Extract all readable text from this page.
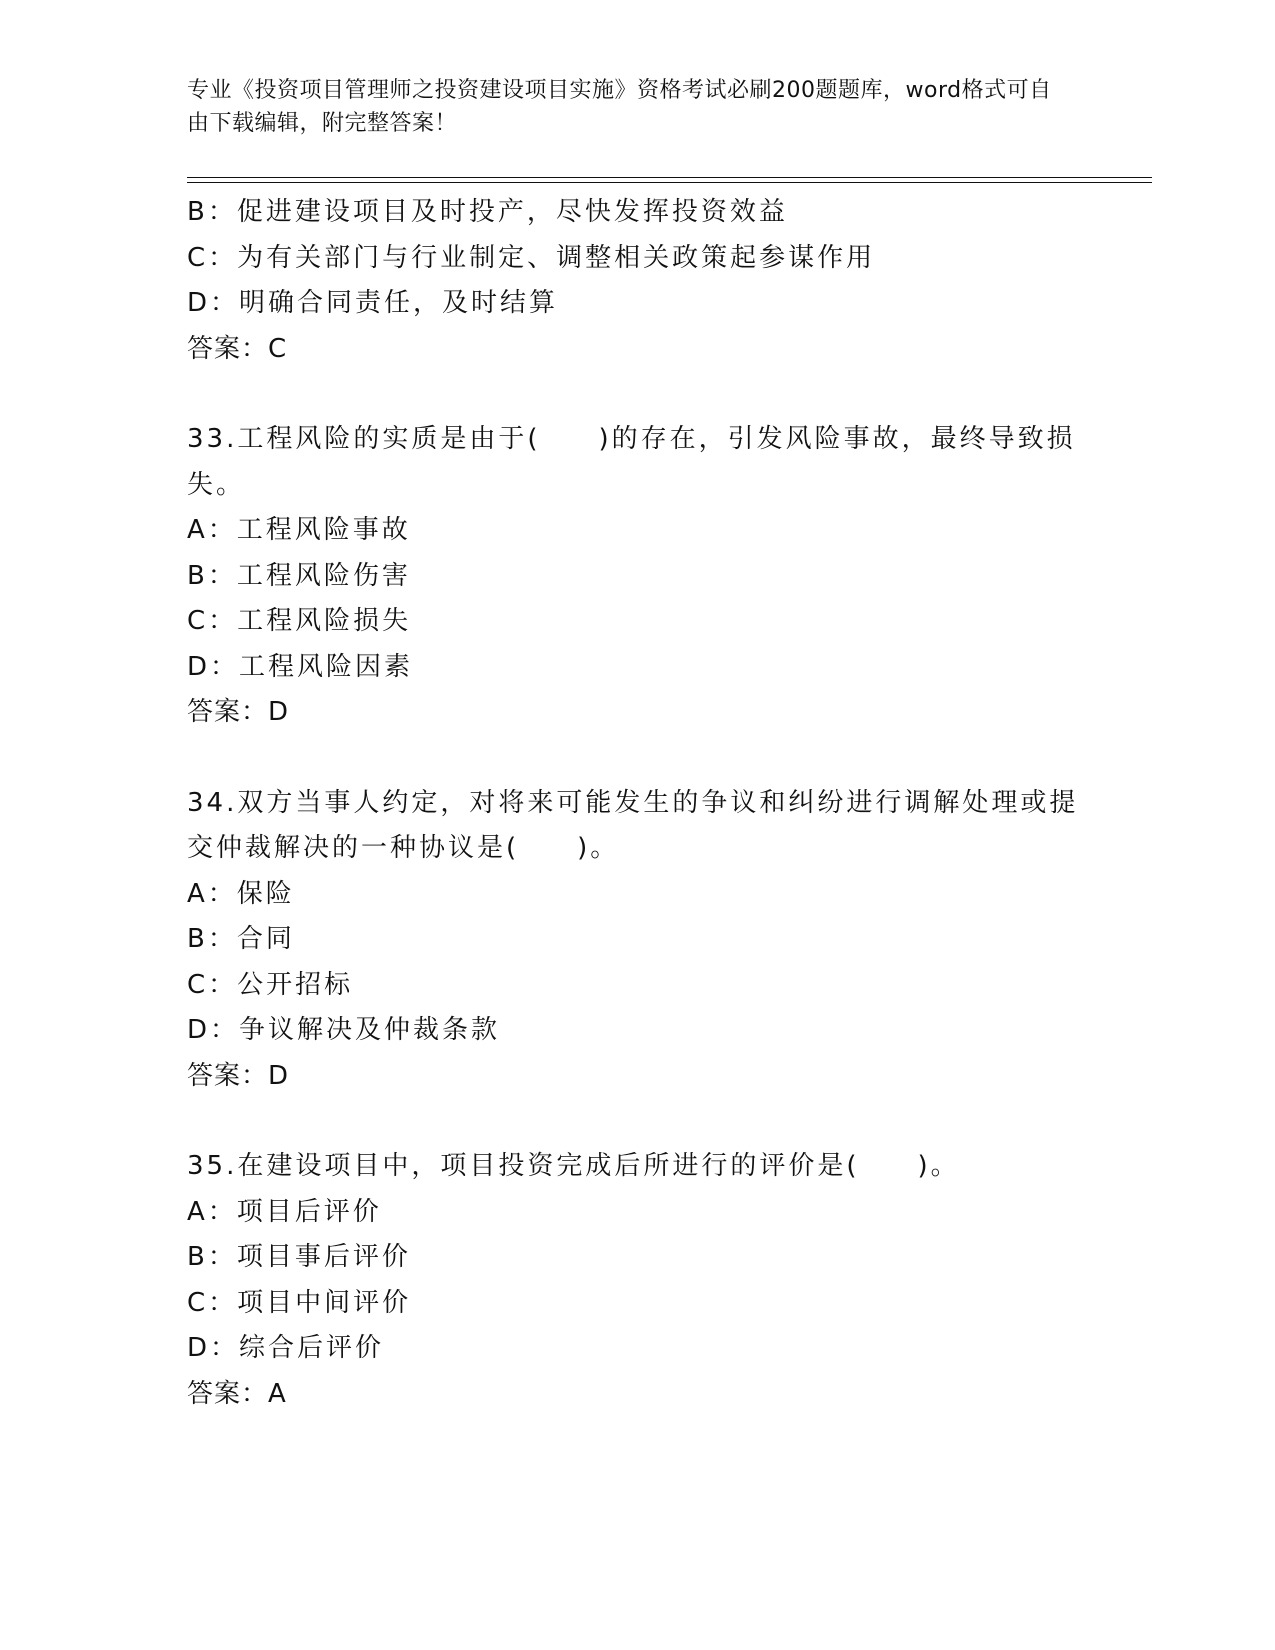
专业《投资项目管理师之投资建设项目实施》资格考试必刷200题题库，word格式可自由下载编辑，附完整答案！
B：促进建设项目及时投产，尽快发挥投资效益
C：为有关部门与行业制定、调整相关政策起参谋作用
D：明确合同责任，及时结算
答案：C
33.工程风险的实质是由于(　　)的存在，引发风险事故，最终导致损失。
A：工程风险事故
B：工程风险伤害
C：工程风险损失
D：工程风险因素
答案：D
34.双方当事人约定，对将来可能发生的争议和纠纷进行调解处理或提交仲裁解决的一种协议是(　　)。
A：保险
B：合同
C：公开招标
D：争议解决及仲裁条款
答案：D
35.在建设项目中，项目投资完成后所进行的评价是(　　)。
A：项目后评价
B：项目事后评价
C：项目中间评价
D：综合后评价
答案：A
